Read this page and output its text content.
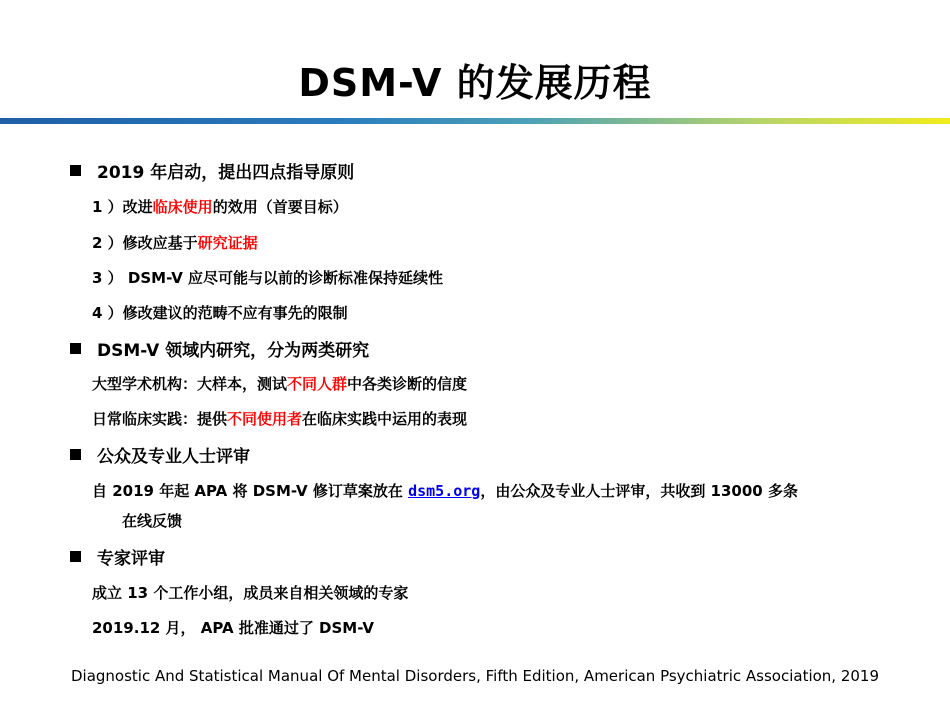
DSM-V 的发展历程
2019 年启动，提出四点指导原则
1 ）改进临床使用的效用（首要目标）
2 ）修改应基于研究证据
3 ） DSM-V 应尽可能与以前的诊断标准保持延续性
4 ）修改建议的范畴不应有事先的限制
DSM-V 领域内研究，分为两类研究
大型学术机构：大样本，测试不同人群中各类诊断的信度
日常临床实践：提供不同使用者在临床实践中运用的表现
公众及专业人士评审
自 2019 年起 APA 将 DSM-V 修订草案放在 dsm5.org，由公众及专业人士评审，共收到 13000 多条
在线反馈
专家评审
成立 13 个工作小组，成员来自相关领域的专家
2019.12 月， APA 批准通过了 DSM-V
Diagnostic And Statistical Manual Of Mental Disorders, Fifth Edition, American Psychiatric Association, 2019
